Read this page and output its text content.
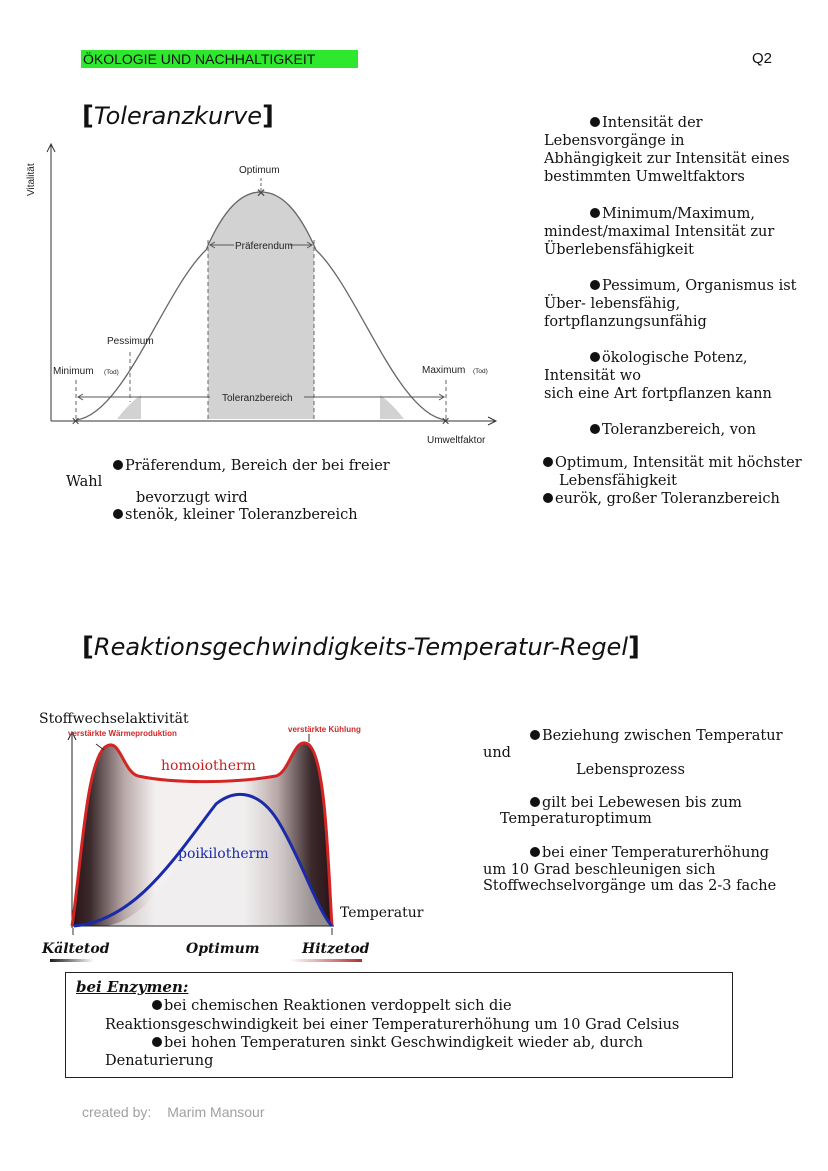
ÖKOLOGIE UND NACHHALTIGKEIT	Q2
[Toleranzkurve]
✕
✕	✕
Vitalität
Umweltfaktor
Optimum
Präferendum
Pessimum
Minimum (Tod)	Maximum (Tod)
Toleranzbereich
Intensität der
Lebensvorgänge in
Abhängigkeit zur Intensität eines
bestimmten Umweltfaktors
Minimum/Maximum,
mindest/maximal Intensität zur
Überlebensfähigkeit
Pessimum, Organismus ist
Über- lebensfähig,
fortpflanzungsunfähig
ökologische Potenz,
Intensität wo
sich eine Art fortpflanzen kann
Toleranzbereich, von
Optimum, Intensität mit höchster
Lebensfähigkeit
eurök, großer Toleranzbereich
Präferendum, Bereich der bei freier
Wahl
bevorzugt wird
stenök, kleiner Toleranzbereich
[Reaktionsgechwindigkeits-Temperatur-Regel]
Stoffwechselaktivität
verstärkte Wärmeproduktion	verstärkte Kühlung
homoiotherm
poikilotherm
Temperatur
Kältetod	Optimum	Hitzetod
Beziehung zwischen Temperatur
und
Lebensprozess
gilt bei Lebewesen bis zum
Temperaturoptimum
bei einer Temperaturerhöhung
um 10 Grad beschleunigen sich
Stoffwechselvorgänge um das 2-3 fache
bei Enzymen:
bei chemischen Reaktionen verdoppelt sich die
Reaktionsgeschwindigkeit bei einer Temperaturerhöhung um 10 Grad Celsius
bei hohen Temperaturen sinkt Geschwindigkeit wieder ab, durch
Denaturierung
created by: Marim Mansour
